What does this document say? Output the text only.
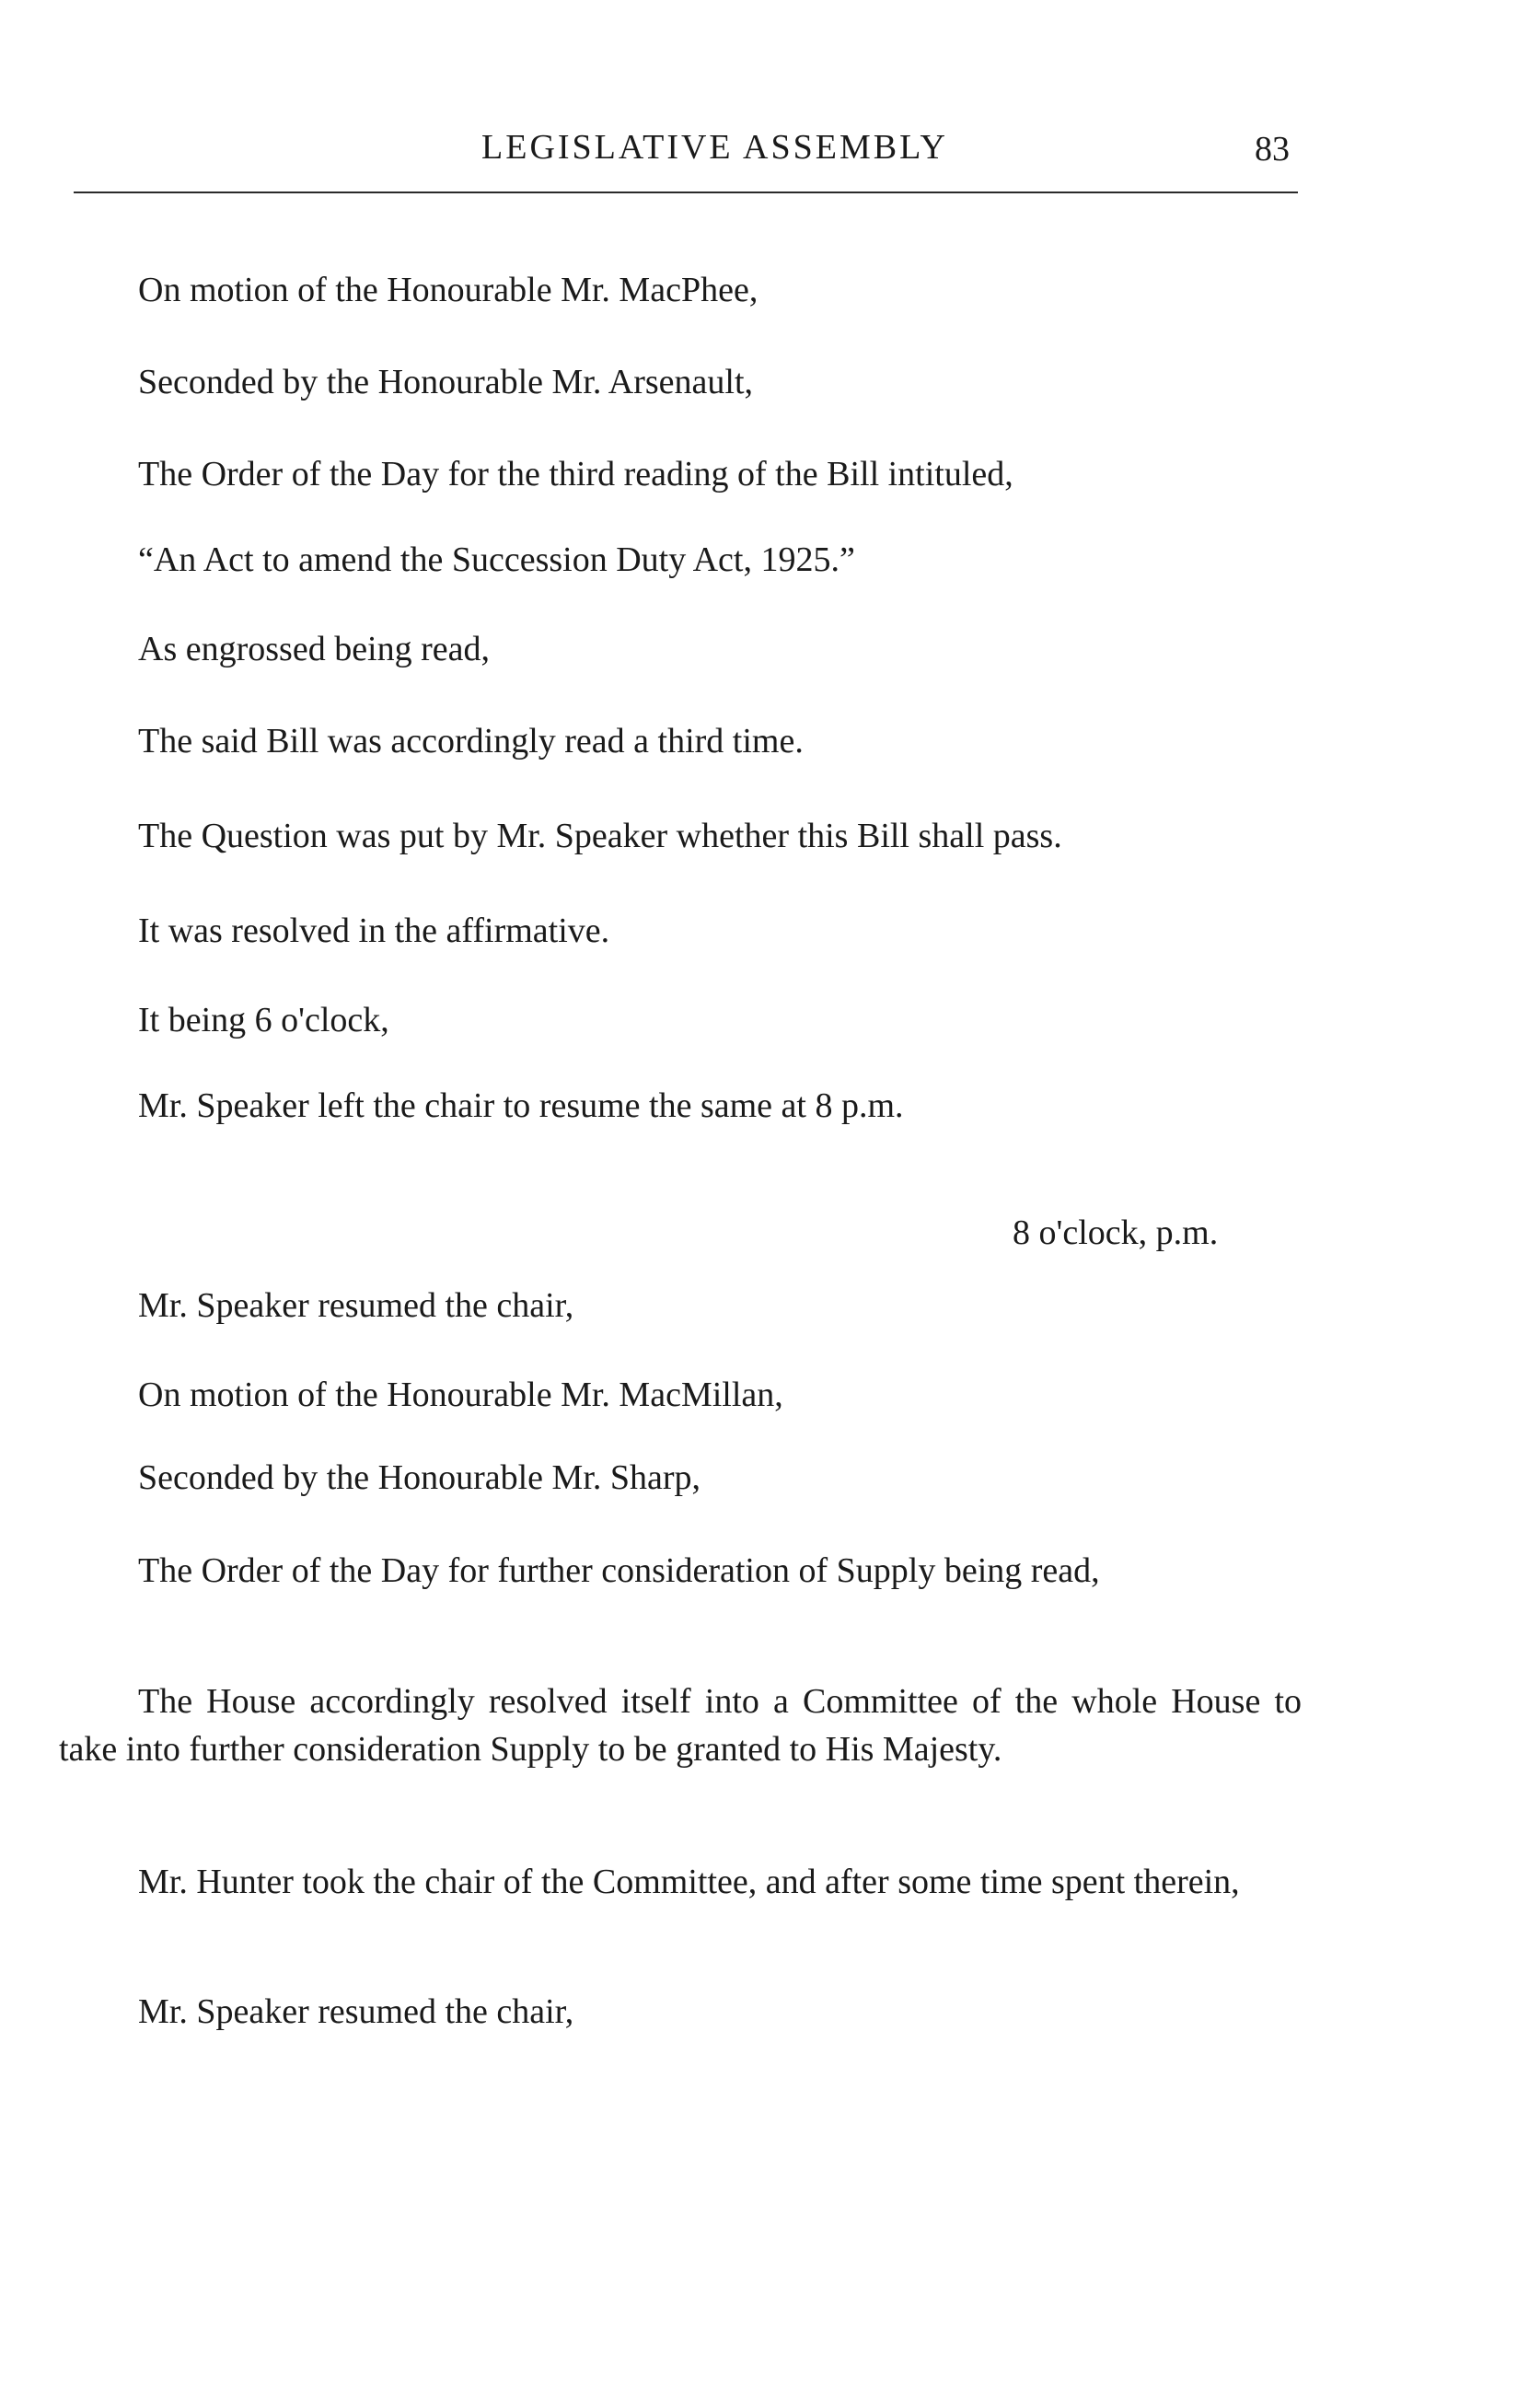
LEGISLATIVE ASSEMBLY	83
On motion of the Honourable Mr. MacPhee,
Seconded by the Honourable Mr. Arsenault,
The Order of the Day for the third reading of the Bill intituled,
“An Act to amend the Succession Duty Act, 1925.”
As engrossed being read,
The said Bill was accordingly read a third time.
The Question was put by Mr. Speaker whether this Bill shall pass.
It was resolved in the affirmative.
It being 6 o'clock,
Mr. Speaker left the chair to resume the same at 8 p.m.
8 o'clock, p.m.
Mr. Speaker resumed the chair,
On motion of the Honourable Mr. MacMillan,
Seconded by the Honourable Mr. Sharp,
The Order of the Day for further consideration of Supply being read,
The House accordingly resolved itself into a Committee of the whole House to take into further consideration Supply to be granted to His Majesty.
Mr. Hunter took the chair of the Committee, and after some time spent therein,
Mr. Speaker resumed the chair,
